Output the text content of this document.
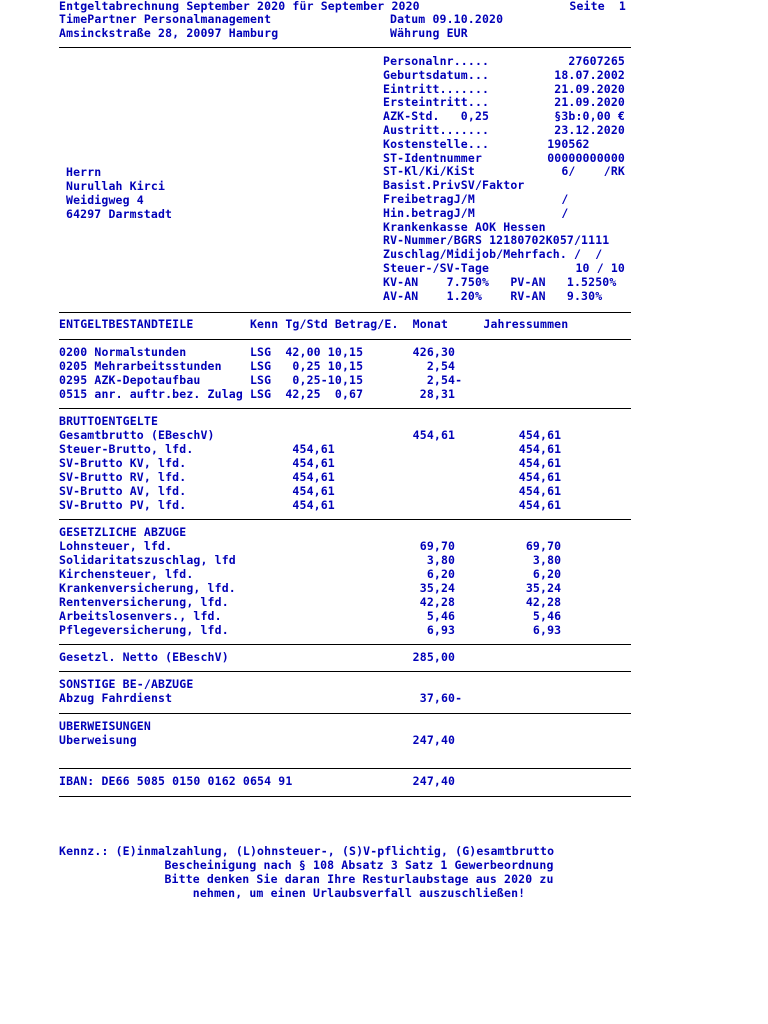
Entgeltabrechnung September 2020 für September 2020	Seite  1
TimePartner Personalmanagement	Datum 09.10.2020
Amsinckstraße 28, 20097 Hamburg	Währung EUR
Herrn
Nurullah Kirci
Weidigweg 4
64297 Darmstadt
Personalnr.....	27607265
Geburtsdatum...	18.07.2002
Eintritt.......	21.09.2020
Ersteintritt...	21.09.2020
AZK-Std.   0,25	§3b:0,00 €
Austritt.......	23.12.2020
Kostenstelle...	190562
ST-Identnummer	00000000000
ST-Kl/Ki/KiSt	6/    /RK
Basist.PrivSV/Faktor
FreibetragJ/M	/
Hin.betragJ/M	/
Krankenkasse AOK Hessen
RV-Nummer/BGRS 12180702K057/1111
Zuschlag/Midijob/Mehrfach. /  /
Steuer-/SV-Tage	10 / 10
KV-AN    7.750%   PV-AN   1.5250%
AV-AN    1.20%    RV-AN   9.30%
ENTGELTBESTANDTEILE        Kenn Tg/Std Betrag/E.  Monat     Jahressummen
0200 Normalstunden         LSG  42,00 10,15       426,30
0205 Mehrarbeitsstunden    LSG   0,25 10,15         2,54
0295 AZK-Depotaufbau       LSG   0,25-10,15         2,54-
0515 anr. auftr.bez. Zulag LSG  42,25  0,67        28,31
BRUTTOENTGELTE
Gesamtbrutto (EBeschV)                            454,61         454,61
Steuer-Brutto, lfd.              454,61                          454,61
SV-Brutto KV, lfd.               454,61                          454,61
SV-Brutto RV, lfd.               454,61                          454,61
SV-Brutto AV, lfd.               454,61                          454,61
SV-Brutto PV, lfd.               454,61                          454,61
GESETZLICHE ABZUGE
Lohnsteuer, lfd.                                   69,70          69,70
Solidaritatszuschlag, lfd                           3,80           3,80
Kirchensteuer, lfd.                                 6,20           6,20
Krankenversicherung, lfd.                          35,24          35,24
Rentenversicherung, lfd.                           42,28          42,28
Arbeitslosenvers., lfd.                             5,46           5,46
Pflegeversicherung, lfd.                            6,93           6,93
Gesetzl. Netto (EBeschV)                          285,00
SONSTIGE BE-/ABZUGE
Abzug Fahrdienst                                   37,60-
UBERWEISUNGEN
Uberweisung                                       247,40
IBAN: DE66 5085 0150 0162 0654 91                 247,40
Kennz.: (E)inmalzahlung, (L)ohnsteuer-, (S)V-pflichtig, (G)esamtbrutto
Bescheinigung nach § 108 Absatz 3 Satz 1 Gewerbeordnung
Bitte denken Sie daran Ihre Resturlaubstage aus 2020 zu
nehmen, um einen Urlaubsverfall auszuschließen!
